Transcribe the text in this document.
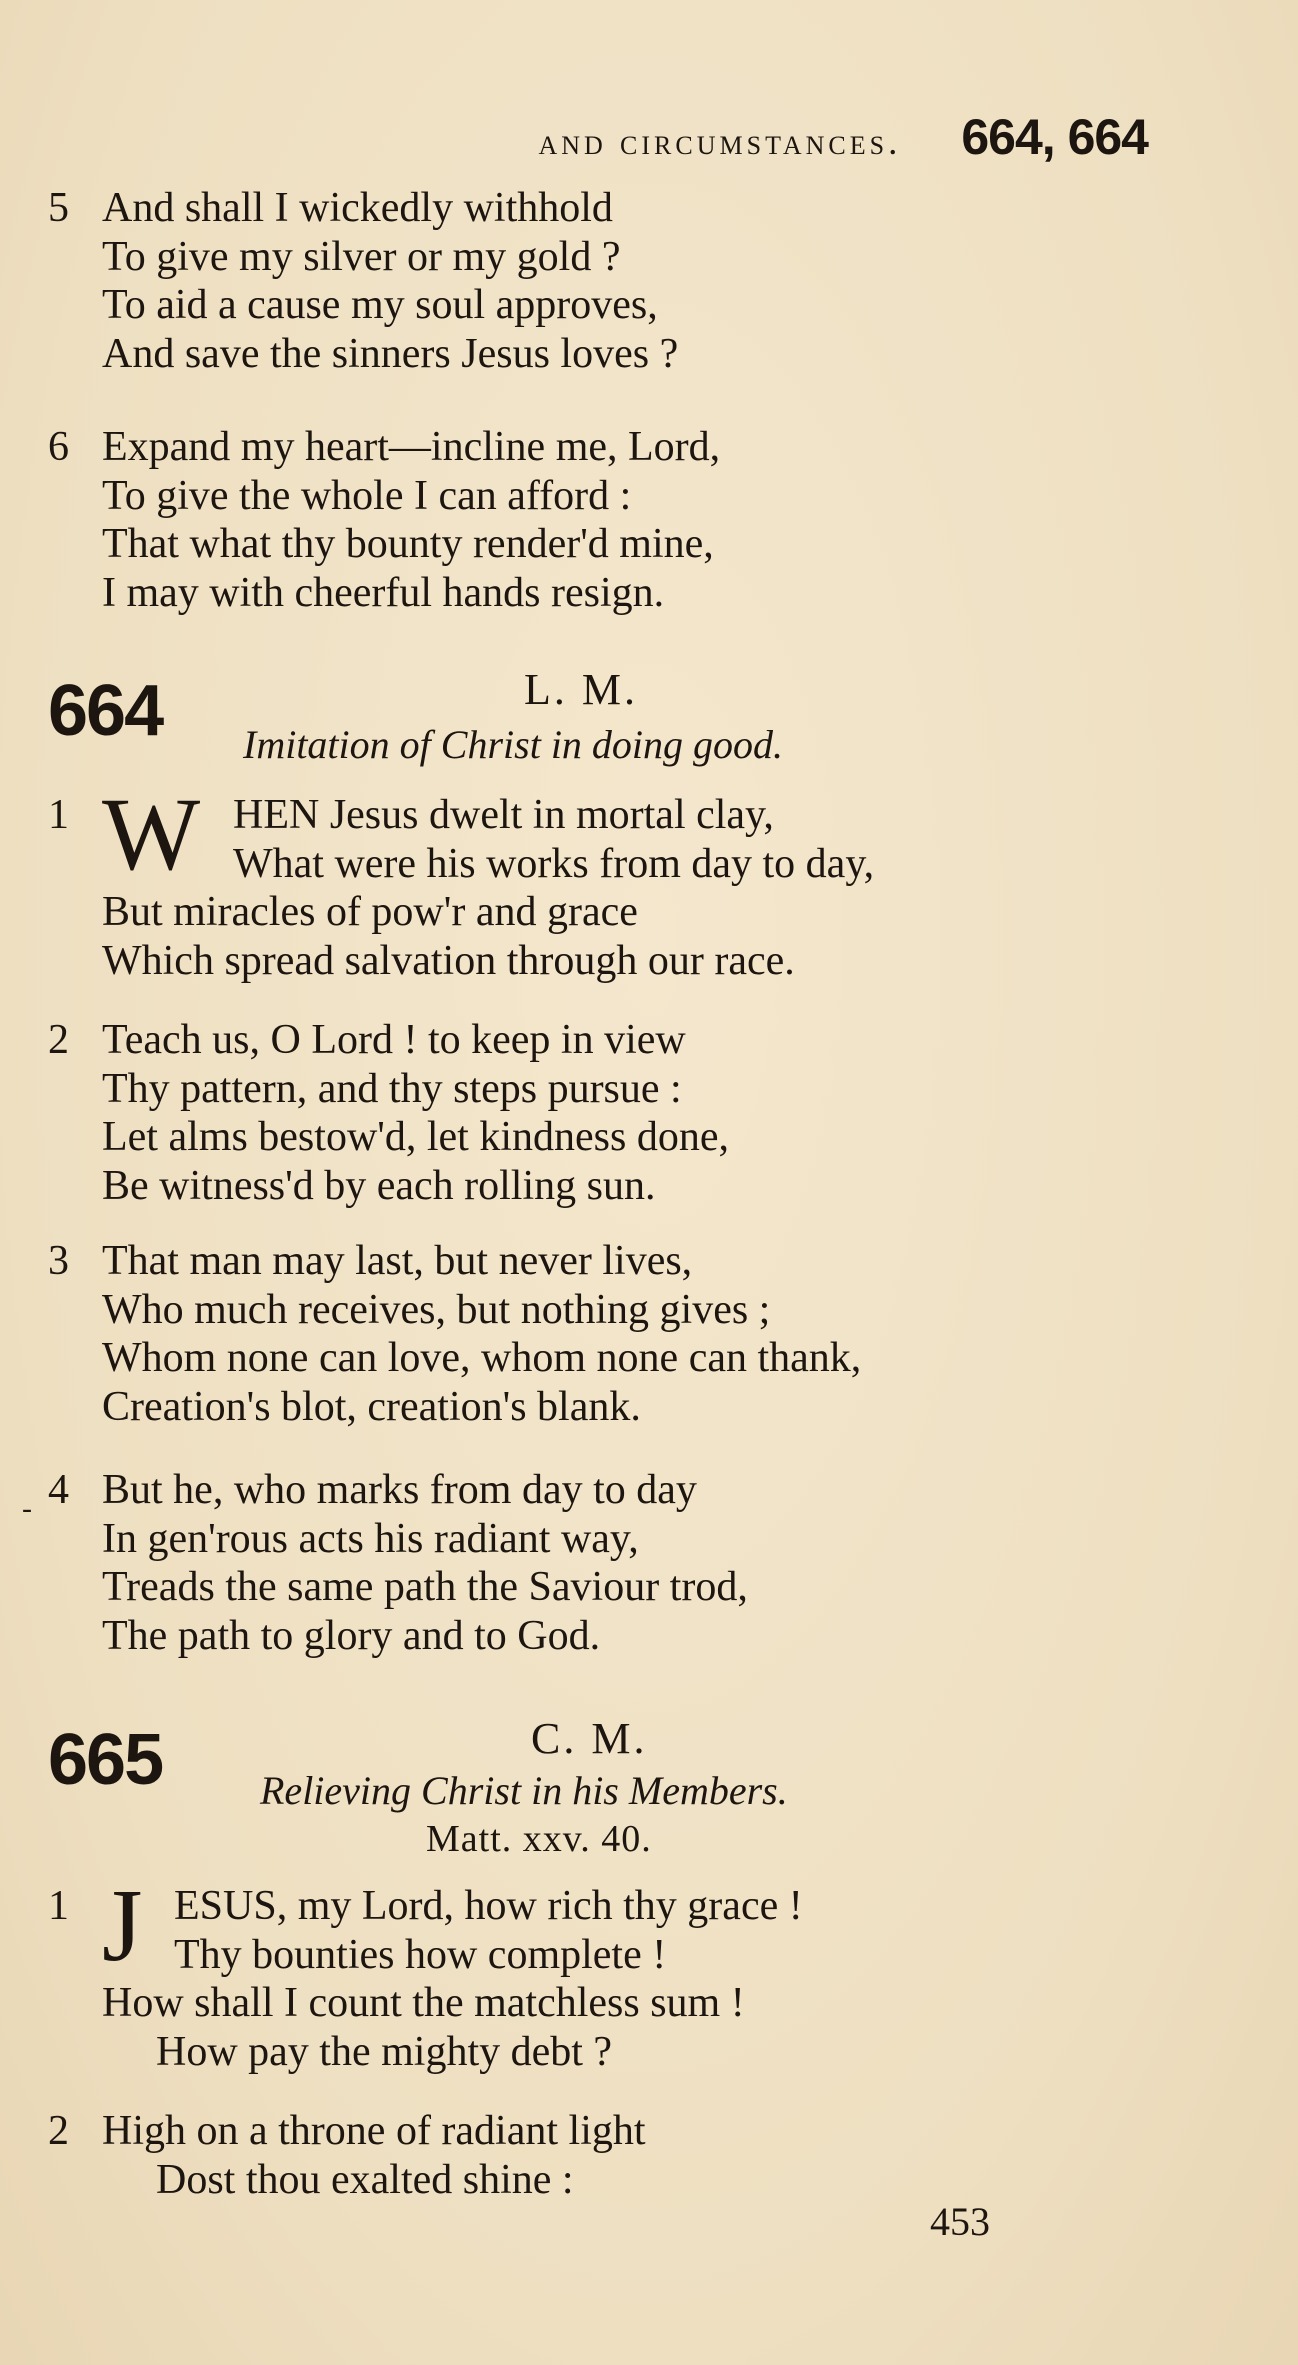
and circumstances. 664, 664
5 And shall I wickedly withhold
To give my silver or my gold ?
To aid a cause my soul approves,
And save the sinners Jesus loves ?
6 Expand my heart—incline me, Lord,
To give the whole I can afford :
That what thy bounty render'd mine,
I may with cheerful hands resign.
664	L. M.
Imitation of Christ in doing good.
1 W HEN Jesus dwelt in mortal clay,
What were his works from day to day,
But miracles of pow'r and grace
Which spread salvation through our race.
2 Teach us, O Lord ! to keep in view
Thy pattern, and thy steps pursue :
Let alms bestow'd, let kindness done,
Be witness'd by each rolling sun.
3 That man may last, but never lives,
Who much receives, but nothing gives ;
Whom none can love, whom none can thank,
Creation's blot, creation's blank.
- 4 But he, who marks from day to day
In gen'rous acts his radiant way,
Treads the same path the Saviour trod,
The path to glory and to God.
665	C. M.
Relieving Christ in his Members.
Matt. xxv. 40.
1 J ESUS, my Lord, how rich thy grace !
Thy bounties how complete !
How shall I count the matchless sum !
How pay the mighty debt ?
2 High on a throne of radiant light
Dost thou exalted shine :
453
